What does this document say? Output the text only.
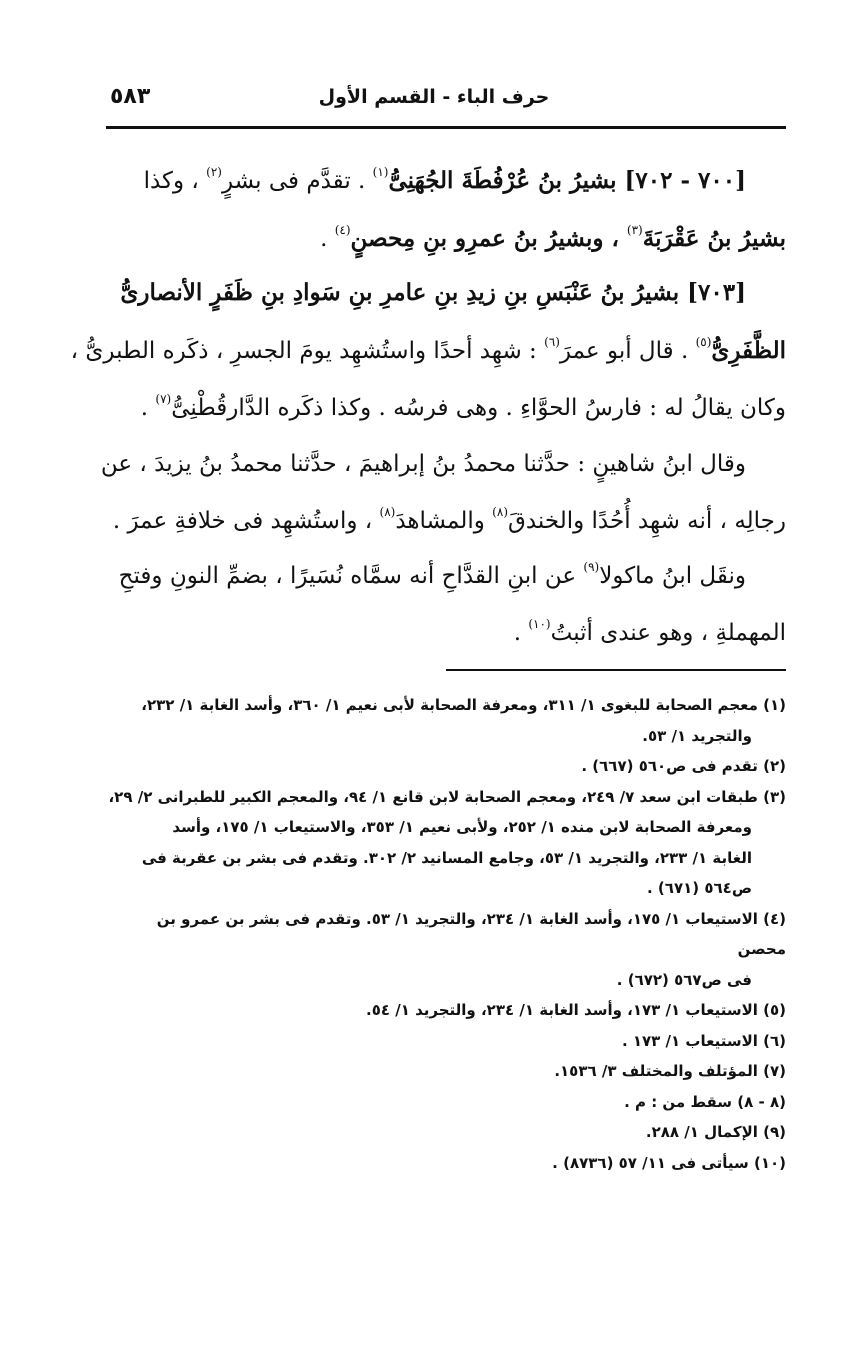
حرف الباء - القسم الأول
٥٨٣
[٧٠٠ - ٧٠٢] بشيرُ بنُ عُرْفُطَةَ الجُهَنِىُّ$^{(١)}$ . تقدَّم فى بشرٍ$^{(٢)}$ ، وكذا
بشيرُ بنُ عَقْرَبَةَ$^{(٣)}$ ، وبشيرُ بنُ عمرِو بنِ مِحصنٍ$^{(٤)}$ .
[٧٠٣] بشيرُ بنُ عَنْبَسِ بنِ زيدِ بنِ عامرِ بنِ سَوادِ بنِ ظَفَرٍ الأنصارىُّ
الظَّفَرِىُّ$^{(٥)}$ . قال أبو عمرَ$^{(٦)}$ : شهِد أحدًا واستُشهِد يومَ الجسرِ ، ذكَره الطبرىُّ ،
وكان يقالُ له : فارسُ الحوَّاءِ . وهى فرسُه . وكذا ذكَره الدَّارقُطْنِىُّ$^{(٧)}$ .
وقال ابنُ شاهينٍ : حدَّثنا محمدُ بنُ إبراهيمَ ، حدَّثنا محمدُ بنُ يزيدَ ، عن
رجالِه ، أنه شهِد أُحُدًا والخندقَ$^{(٨)}$ والمشاهدَ$^{(٨)}$ ، واستُشهِد فى خلافةِ عمرَ .
ونقَل ابنُ ماكولا$^{(٩)}$ عن ابنِ القدَّاحِ أنه سمَّاه نُسَيرًا ، بضمِّ النونِ وفتحِ
المهملةِ ، وهو عندى أثبتُ$^{(١٠)}$ .
(١) معجم الصحابة للبغوى ١/ ٣١١، ومعرفة الصحابة لأبى نعيم ١/ ٣٦٠، وأسد الغابة ١/ ٢٣٢،
والتجريد ١/ ٥٣.
(٢) تقدم فى ص٥٦٠ (٦٦٧) .
(٣) طبقات ابن سعد ٧/ ٢٤٩، ومعجم الصحابة لابن قانع ١/ ٩٤، والمعجم الكبير للطبرانى ٢/ ٢٩،
ومعرفة الصحابة لابن منده ١/ ٢٥٢، ولأبى نعيم ١/ ٣٥٣، والاستيعاب ١/ ١٧٥، وأسد
الغابة ١/ ٢٣٣، والتجريد ١/ ٥٣، وجامع المسانيد ٢/ ٣٠٢. وتقدم فى بشر بن عقربة فى
ص٥٦٤ (٦٧١) .
(٤) الاستيعاب ١/ ١٧٥، وأسد الغابة ١/ ٢٣٤، والتجريد ١/ ٥٣. وتقدم فى بشر بن عمرو بن محصن
فى ص٥٦٧ (٦٧٢) .
(٥) الاستيعاب ١/ ١٧٣، وأسد الغابة ١/ ٢٣٤، والتجريد ١/ ٥٤.
(٦) الاستيعاب ١/ ١٧٣ .
(٧) المؤتلف والمختلف ٣/ ١٥٣٦.
(٨ - ٨) سقط من : م .
(٩) الإكمال ١/ ٢٨٨.
(١٠) سيأتى فى ١١/ ٥٧ (٨٧٣٦) .
